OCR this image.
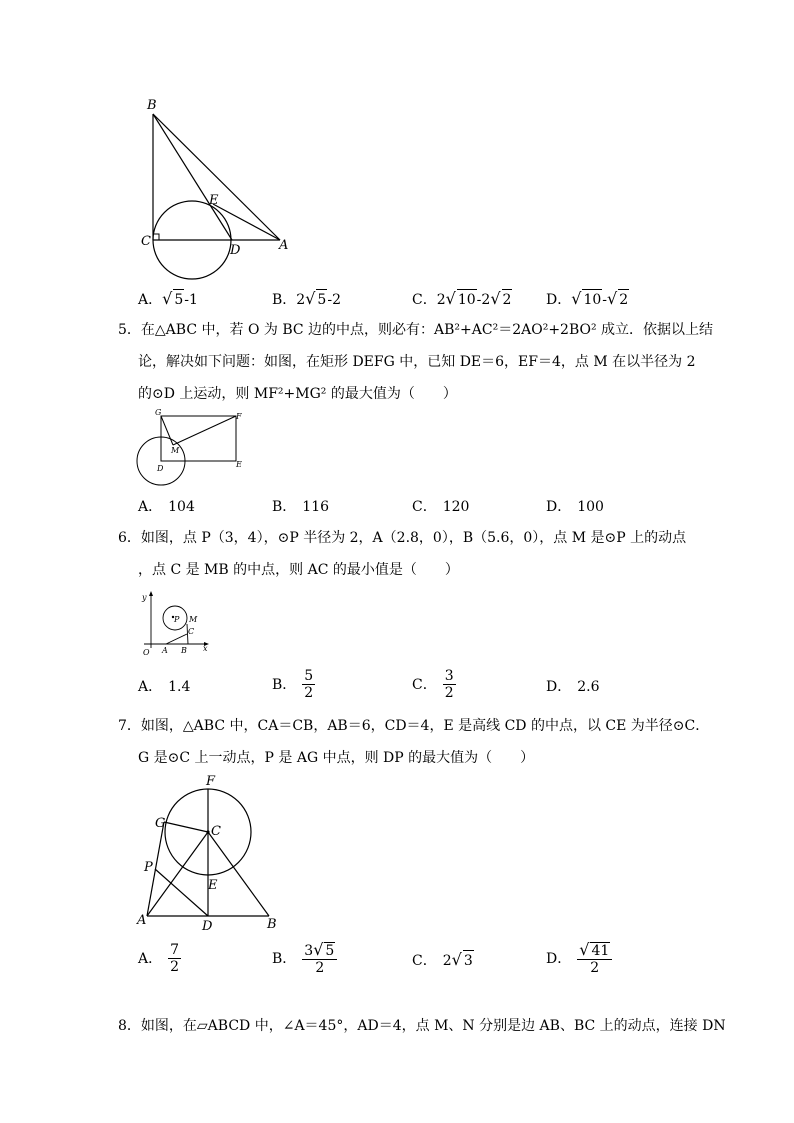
B
C
D
E
A
A．√ 5-1	B．2√ 5-2	C．2√ 10-2√ 2 D．√ 10-√ 2
5．在△ABC 中，若 O 为 BC 边的中点，则必有：AB²+AC²＝2AO²+2BO² 成立．依据以上结
论，解决如下问题：如图，在矩形 DEFG 中，已知 DE＝6，EF＝4，点 M 在以半径为 2
的⊙D 上运动，则 MF²+MG² 的最大值为（　　）
G	F
M
D	E
A． 104	B． 116	C． 120	D． 100
6．如图，点 P（3，4），⊙P 半径为 2，A（2.8，0），B（5.6，0），点 M 是⊙P 上的动点
，点 C 是 MB 的中点，则 AC 的最小值是（　　）
y
x
O A B
P M
C
A． 1.4	B． $\frac{5}{2}$	C． $\frac{3}{2}$	D． 2.6
7．如图，△ABC 中，CA＝CB，AB＝6，CD＝4，E 是高线 CD 的中点，以 CE 为半径⊙C．
G 是⊙C 上一动点，P 是 AG 中点，则 DP 的最大值为（　　）
F
G
C
P
E
A	D	B
A． $\frac{7}{2}$	B． $\frac{3√ 5}{2}$	C． 2√ 3	D． $\frac{√ 41}{2}$
8．如图，在▱ABCD 中，∠A＝45°，AD＝4，点 M、N 分别是边 AB、BC 上的动点，连接 DN
